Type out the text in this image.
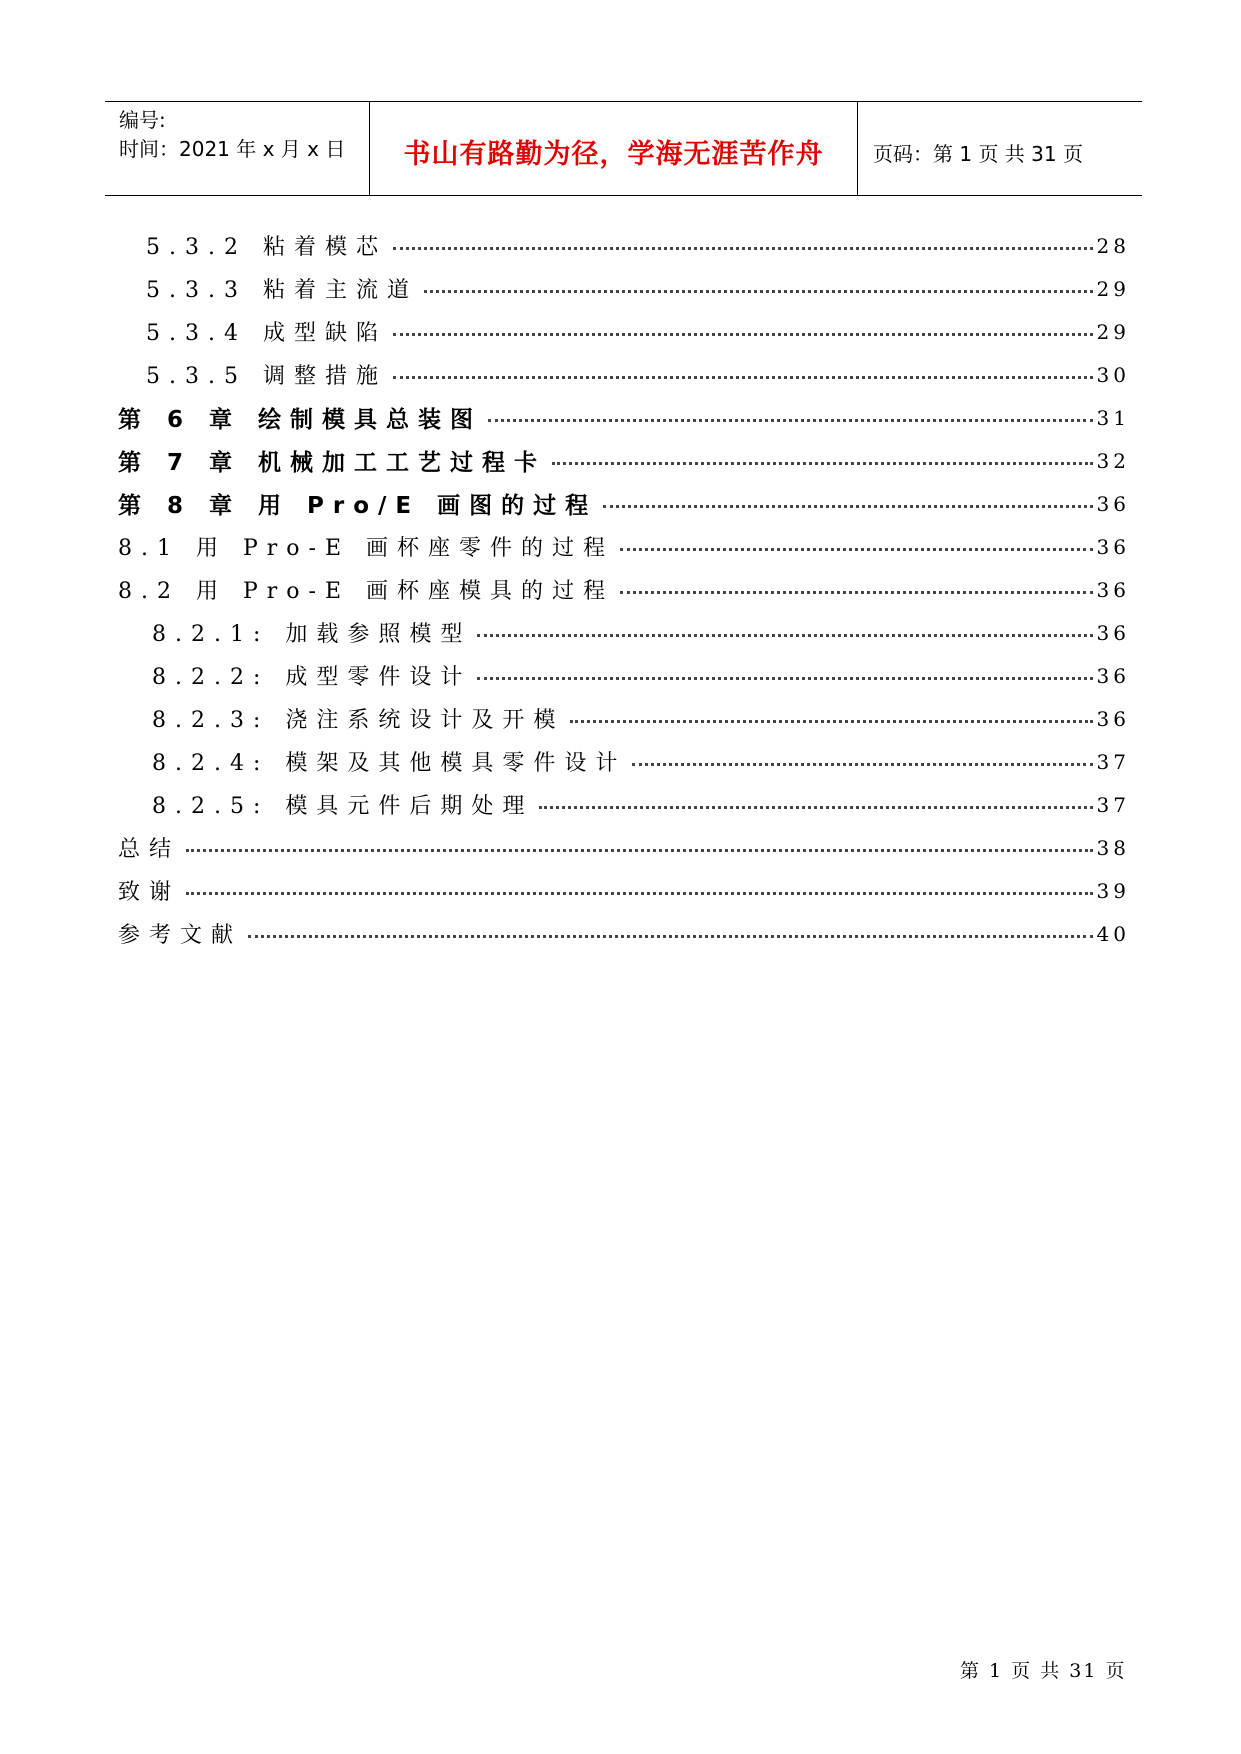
编号:
时间：2021 年 x 月 x 日	书山有路勤为径，学海无涯苦作舟	页码：第 1 页 共 31 页
5.3.2 粘着模芯	28
5.3.3 粘着主流道	29
5.3.4 成型缺陷	29
5.3.5 调整措施	30
第 6 章 绘制模具总装图	31
第 7 章 机械加工工艺过程卡	32
第 8 章 用 Pro/E 画图的过程	36
8.1 用 Pro-E 画杯座零件的过程	36
8.2 用 Pro-E 画杯座模具的过程	36
8.2.1: 加载参照模型	36
8.2.2: 成型零件设计	36
8.2.3: 浇注系统设计及开模	36
8.2.4: 模架及其他模具零件设计	37
8.2.5: 模具元件后期处理	37
总结	38
致谢	39
参考文献	40
第 1 页 共 31 页
